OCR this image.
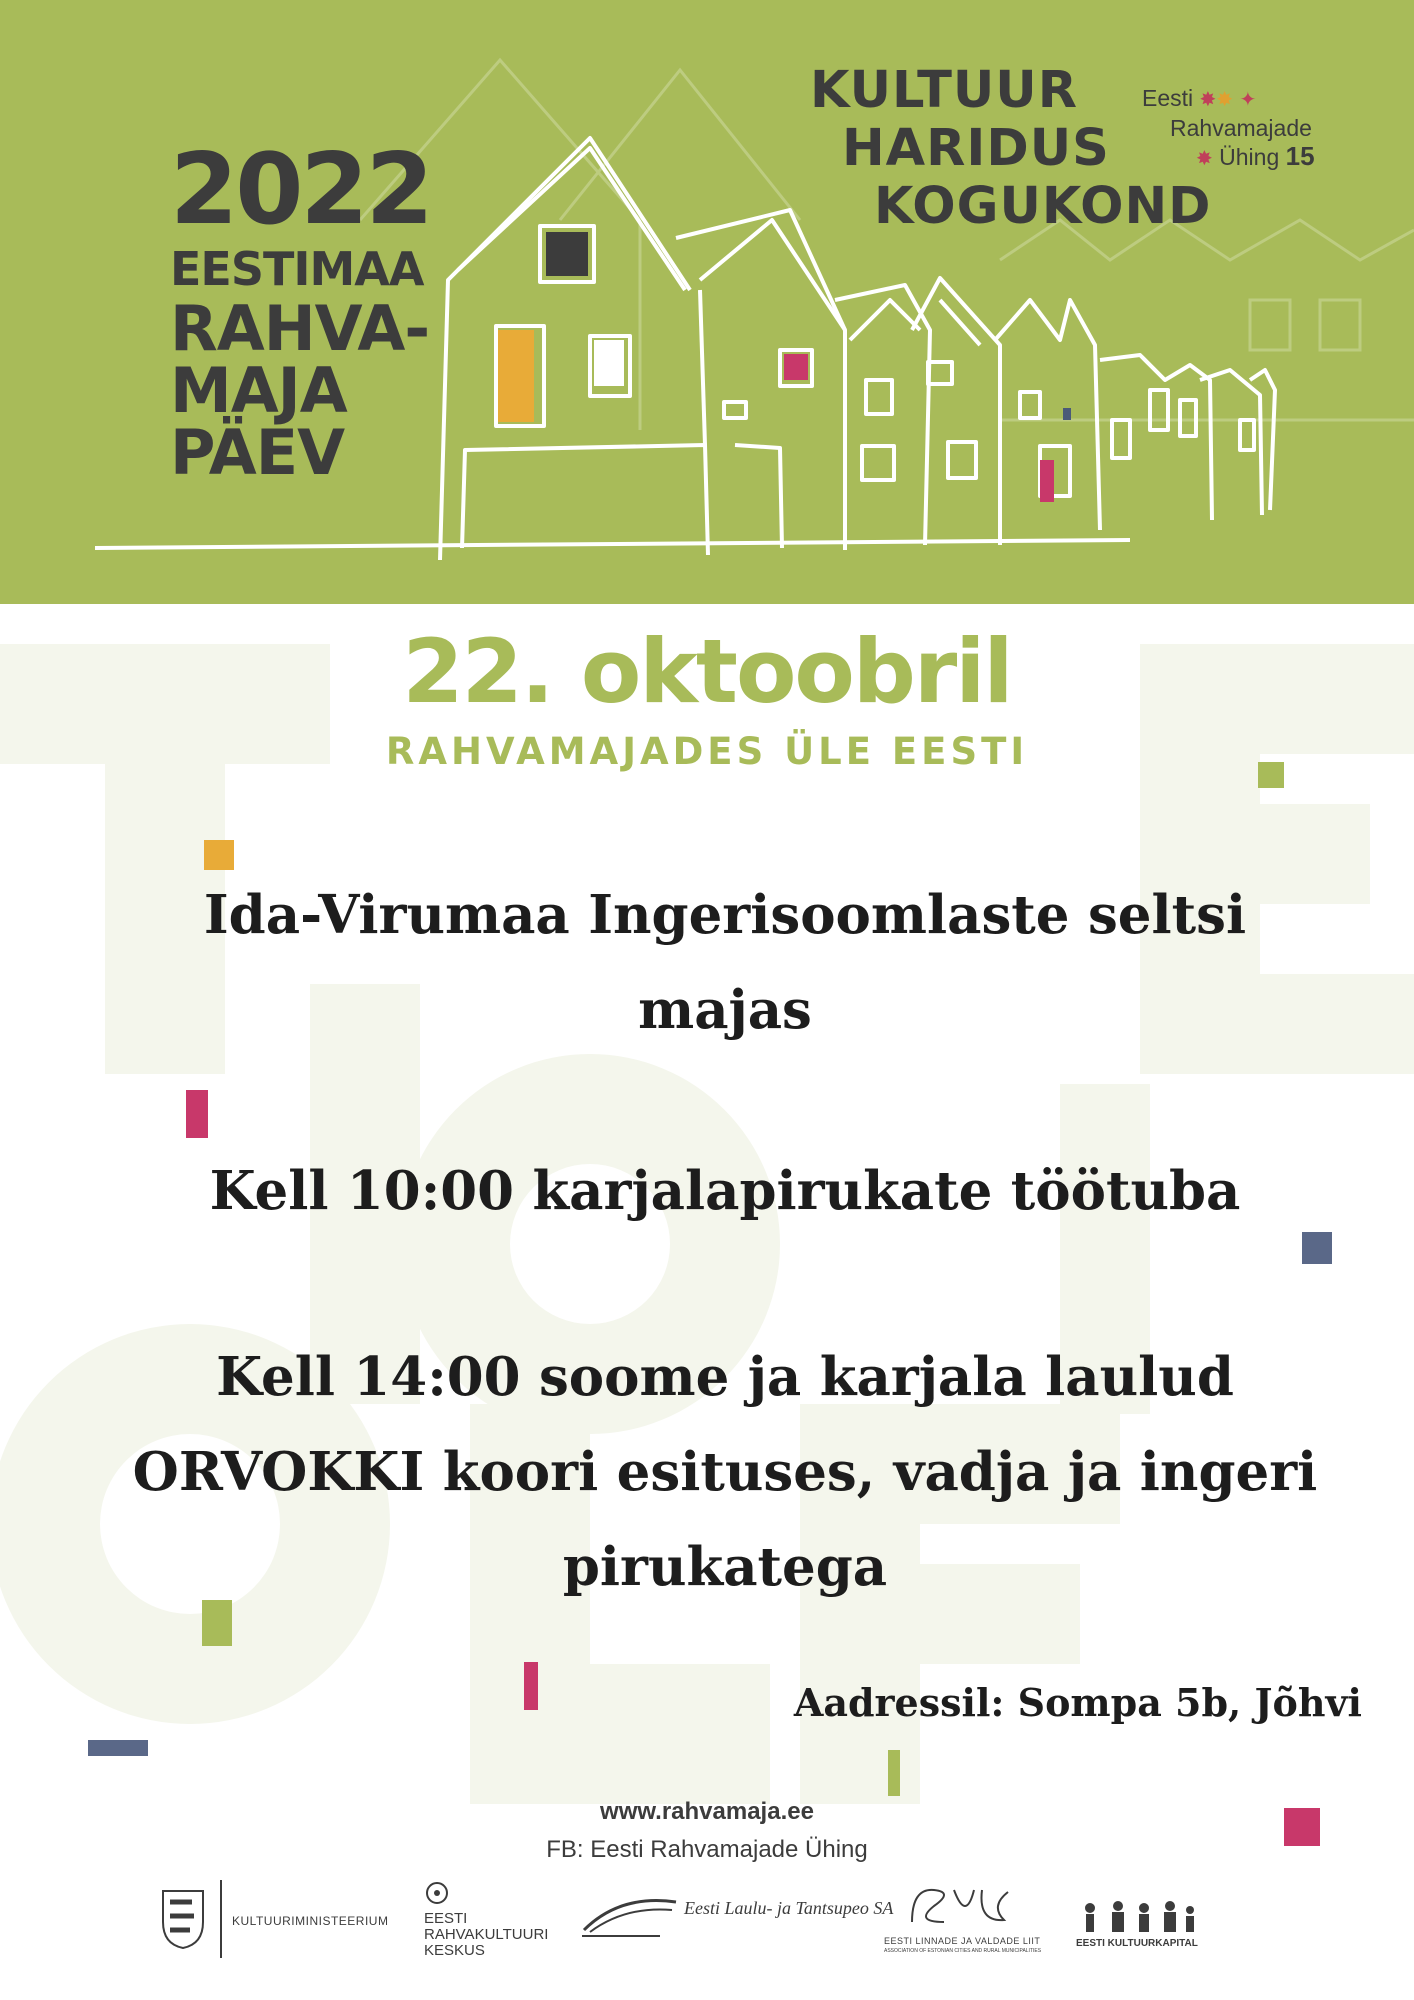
2022
EESTIMAA
RAHVA-
MAJA
PÄEV
KULTUUR
HARIDUS
KOGUKOND
Eesti ✸✸ ✦
Rahvamajade
✸ Ühing 15
22. oktoobril
RAHVAMAJADES ÜLE EESTI
Ida-Virumaa Ingerisoomlaste seltsi majas
Kell 10:00 karjalapirukate töötuba
Kell 14:00 soome ja karjala laulud ORVOKKI koori esituses, vadja ja ingeri pirukatega
Aadressil: Sompa 5b, Jõhvi
www.rahvamaja.ee
FB: Eesti Rahvamajade Ühing
KULTUURIMINISTEERIUM EESTI RAHVAKULTUURI KESKUS
Eesti Laulu- ja Tantsupeo SA
EESTI LINNADE JA VALDADE LIIT
ASSOCIATION OF ESTONIAN CITIES AND RURAL MUNICIPALITIES
EESTI KULTUURKAPITAL
